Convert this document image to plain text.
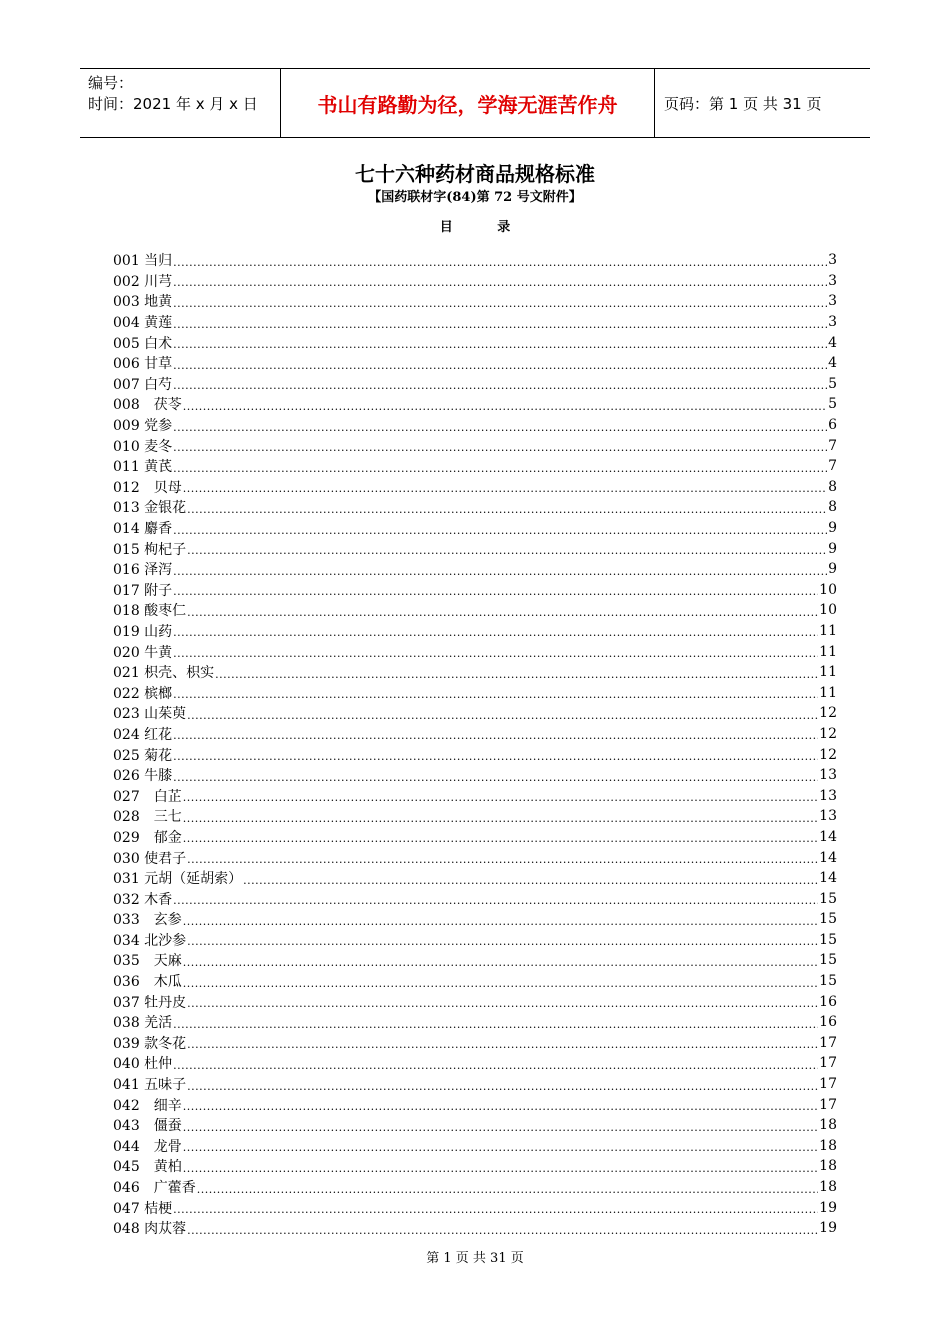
编号：
时间：2021 年 x 月 x 日	书山有路勤为径，学海无涯苦作舟	页码：第 1 页 共 31 页
七十六种药材商品规格标准
【国药联材字(84)第 72 号文附件】
目 录
001 当归 .....	3
002 川芎 .....	3
003 地黄 .....	3
004 黄莲 .....	3
005 白术 .....	4
006 甘草 .....	4
007 白芍 .....	5
008　茯苓 .....	5
009 党参 .....	6
010 麦冬 .....	7
011 黄芪 .....	7
012　贝母 .....	8
013 金银花 .....	8
014 麝香 .....	9
015 枸杞子 .....	9
016 泽泻 .....	9
017 附子 .....	10
018 酸枣仁 .....	10
019 山药 .....	11
020 牛黄 .....	11
021 枳壳、枳实 .....	11
022 槟榔 .....	11
023 山茱萸 .....	12
024 红花 .....	12
025 菊花 .....	12
026 牛膝 .....	13
027　白芷 .....	13
028　三七 .....	13
029　郁金 .....	14
030 使君子 .....	14
031 元胡（延胡索） .....	14
032 木香 .....	15
033　玄参 .....	15
034 北沙参 .....	15
035　天麻 .....	15
036　木瓜 .....	15
037 牡丹皮 .....	16
038 羌活 .....	16
039 款冬花 .....	17
040 杜仲 .....	17
041 五味子 .....	17
042　细辛 .....	17
043　僵蚕 .....	18
044　龙骨 .....	18
045　黄柏 .....	18
046　广藿香 .....	18
047 桔梗 .....	19
048 肉苁蓉 .....	19
第 1 页 共 31 页
